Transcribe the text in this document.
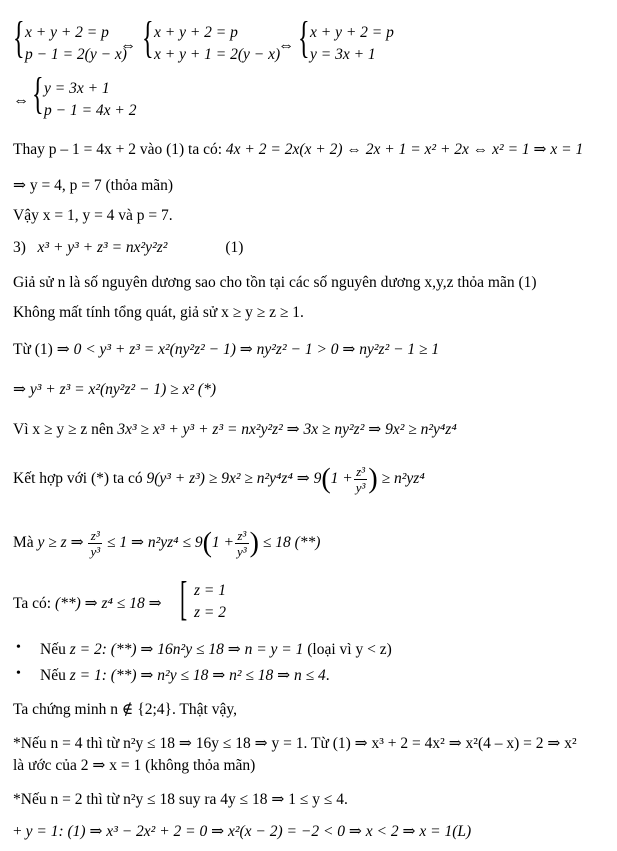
{ x + y + 2 = p
p − 1 = 2(y − x)
⇔ { x + y + 2 = p
x + y + 1 = 2(y − x)
⇔ { x + y + 2 = p
y = 3x + 1
⇔ { y = 3x + 1
p − 1 = 4x + 2
Thay p – 1 = 4x + 2 vào (1) ta có: 4x + 2 = 2x(x + 2) ⇔ 2x + 1 = x² + 2x ⇔ x² = 1 ⇒ x = 1
⇒ y = 4, p = 7 (thỏa mãn)
Vậy x = 1, y = 4 và p = 7.
3) x³ + y³ + z³ = nx²y²z²	(1)
Giả sử n là số nguyên dương sao cho tồn tại các số nguyên dương x,y,z thỏa mãn (1)
Không mất tính tổng quát, giả sử x ≥ y ≥ z ≥ 1.
Từ (1) ⇒ 0 < y³ + z³ = x²(ny²z² − 1) ⇒ ny²z² − 1 > 0 ⇒ ny²z² − 1 ≥ 1
⇒ y³ + z³ = x²(ny²z² − 1) ≥ x² (*)
Vì x ≥ y ≥ z nên 3x³ ≥ x³ + y³ + z³ = nx²y²z² ⇒ 3x ≥ ny²z² ⇒ 9x² ≥ n²y⁴z⁴
Kết hợp với (*) ta có 9(y³ + z³) ≥ 9x² ≥ n²y⁴z⁴ ⇒ $9(1 + \frac{\text{z³}}{\text{y³}}$ ) ≥ n²yz⁴
Mà y ≥ z ⇒ $\frac{\text{z³}}{\text{y³}} \le 1$ ⇒ $n^2yz^4 \le 9(1 + \frac{\text{z³}}{\text{y³}}$ ) ≤ 18 (**)
Ta có: (**) ⇒ z⁴ ≤ 18 ⇒ [ z = 1
z = 2
• Nếu z = 2: (**) ⇒ 16n²y ≤ 18 ⇒ n = y = 1 (loại vì y < z)
• Nếu z = 1: (**) ⇒ n²y ≤ 18 ⇒ n² ≤ 18 ⇒ n ≤ 4.
Ta chứng minh n ∉ {2;4}. Thật vậy,
*Nếu n = 4 thì từ n²y ≤ 18 ⇒ 16y ≤ 18 ⇒ y = 1. Từ (1) ⇒ x³ + 2 = 4x² ⇒ x²(4 – x) = 2 ⇒ x²
là ước của 2 ⇒ x = 1 (không thỏa mãn)
*Nếu n = 2 thì từ n²y ≤ 18 suy ra 4y ≤ 18 ⇒ 1 ≤ y ≤ 4.
+ y = 1: (1) ⇒ x³ − 2x² + 2 = 0 ⇒ x²(x − 2) = −2 < 0 ⇒ x < 2 ⇒ x = 1(L)
